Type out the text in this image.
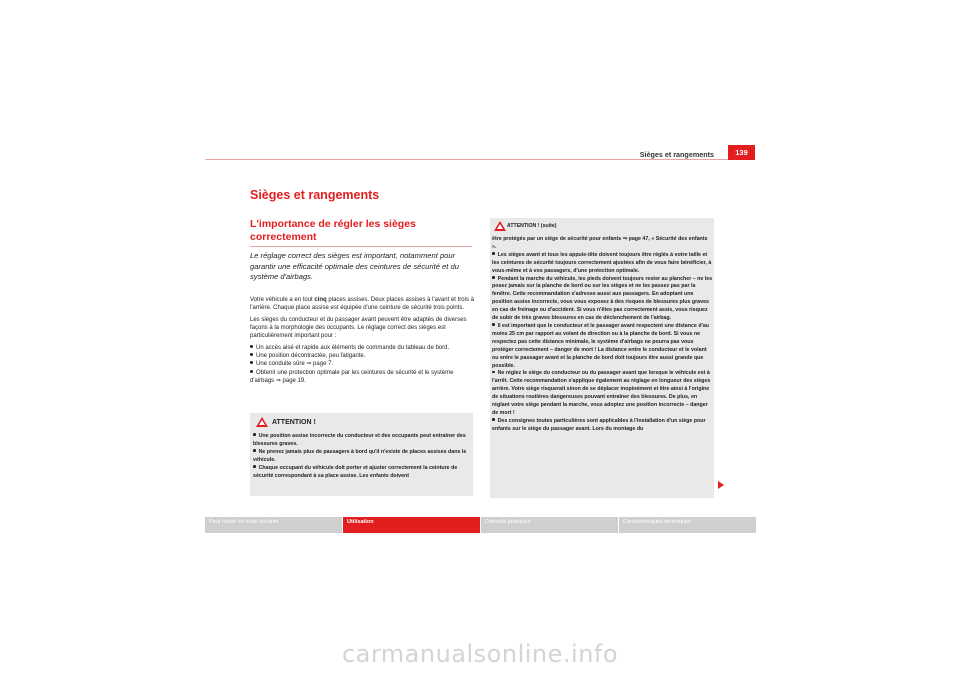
Sièges et rangements	139
Sièges et rangements
L'importance de régler les sièges correctement
Le réglage correct des sièges est important, notamment pour garantir une efficacité optimale des ceintures de sécurité et du système d'airbags.

Votre véhicule a en tout cinq places assises. Deux places assises à l'avant et trois à l'arrière. Chaque place assise est équipée d'une ceinture de sécurité trois points.

Les sièges du conducteur et du passager avant peuvent être adaptés de diverses façons à la morphologie des occupants. Le réglage correct des sièges est particulièrement important pour :

Un accès aisé et rapide aux éléments de commande du tableau de bord.
Une position décontractée, peu fatigante.
Une conduite sûre ⇒ page 7.
Obtenir une protection optimale par les ceintures de sécurité et le système d'airbags ⇒ page 19.
ATTENTION !
Une position assise incorrecte du conducteur et des occupants peut entraîner des blessures graves.
Ne prenez jamais plus de passagers à bord qu'il n'existe de places assises dans le véhicule.
Chaque occupant du véhicule doit porter et ajuster correctement la ceinture de sécurité correspondant à sa place assise. Les enfants doivent
ATTENTION ! (suite)
être protégés par un siège de sécurité pour enfants ⇒ page 47, « Sécurité des enfants ».
Les sièges avant et tous les appuie-tête doivent toujours être réglés à votre taille et les ceintures de sécurité toujours correctement ajustées afin de vous faire bénéficier, à vous-même et à vos passagers, d'une protection optimale.
Pendant la marche du véhicule, les pieds doivent toujours rester au plancher – ne les posez jamais sur la planche de bord ou sur les sièges et ne les passez pas par la fenêtre. Cette recommandation s'adresse aussi aux passagers. En adoptant une position assise incorrecte, vous vous exposez à des risques de blessures plus graves en cas de freinage ou d'accident. Si vous n'êtes pas correctement assis, vous risquez de subir de très graves blessures en cas de déclenchement de l'airbag.
Il est important que le conducteur et le passager avant respectent une distance d'au moins 25 cm par rapport au volant de direction ou à la planche de bord. Si vous ne respectez pas cette distance minimale, le système d'airbags ne pourra pas vous protéger correctement – danger de mort ! La distance entre le conducteur et le volant ou entre le passager avant et la planche de bord doit toujours être aussi grande que possible.
Ne réglez le siège du conducteur ou du passager avant que lorsque le véhicule est à l'arrêt. Cette recommandation s'applique également au réglage en longueur des sièges arrière. Votre siège risquerait sinon de se déplacer inopinément et être ainsi à l'origine de situations routières dangereuses pouvant entraîner des blessures. De plus, en réglant votre siège pendant la marche, vous adoptez une position incorrecte – danger de mort !
Des consignes toutes particulières sont applicables à l'installation d'un siège pour enfants sur le siège du passager avant. Lors du montage du
Pour rouler en toute sécurité	Utilisation	Conseils pratiques	Caractéristiques techniques
carmanualsonline.info
